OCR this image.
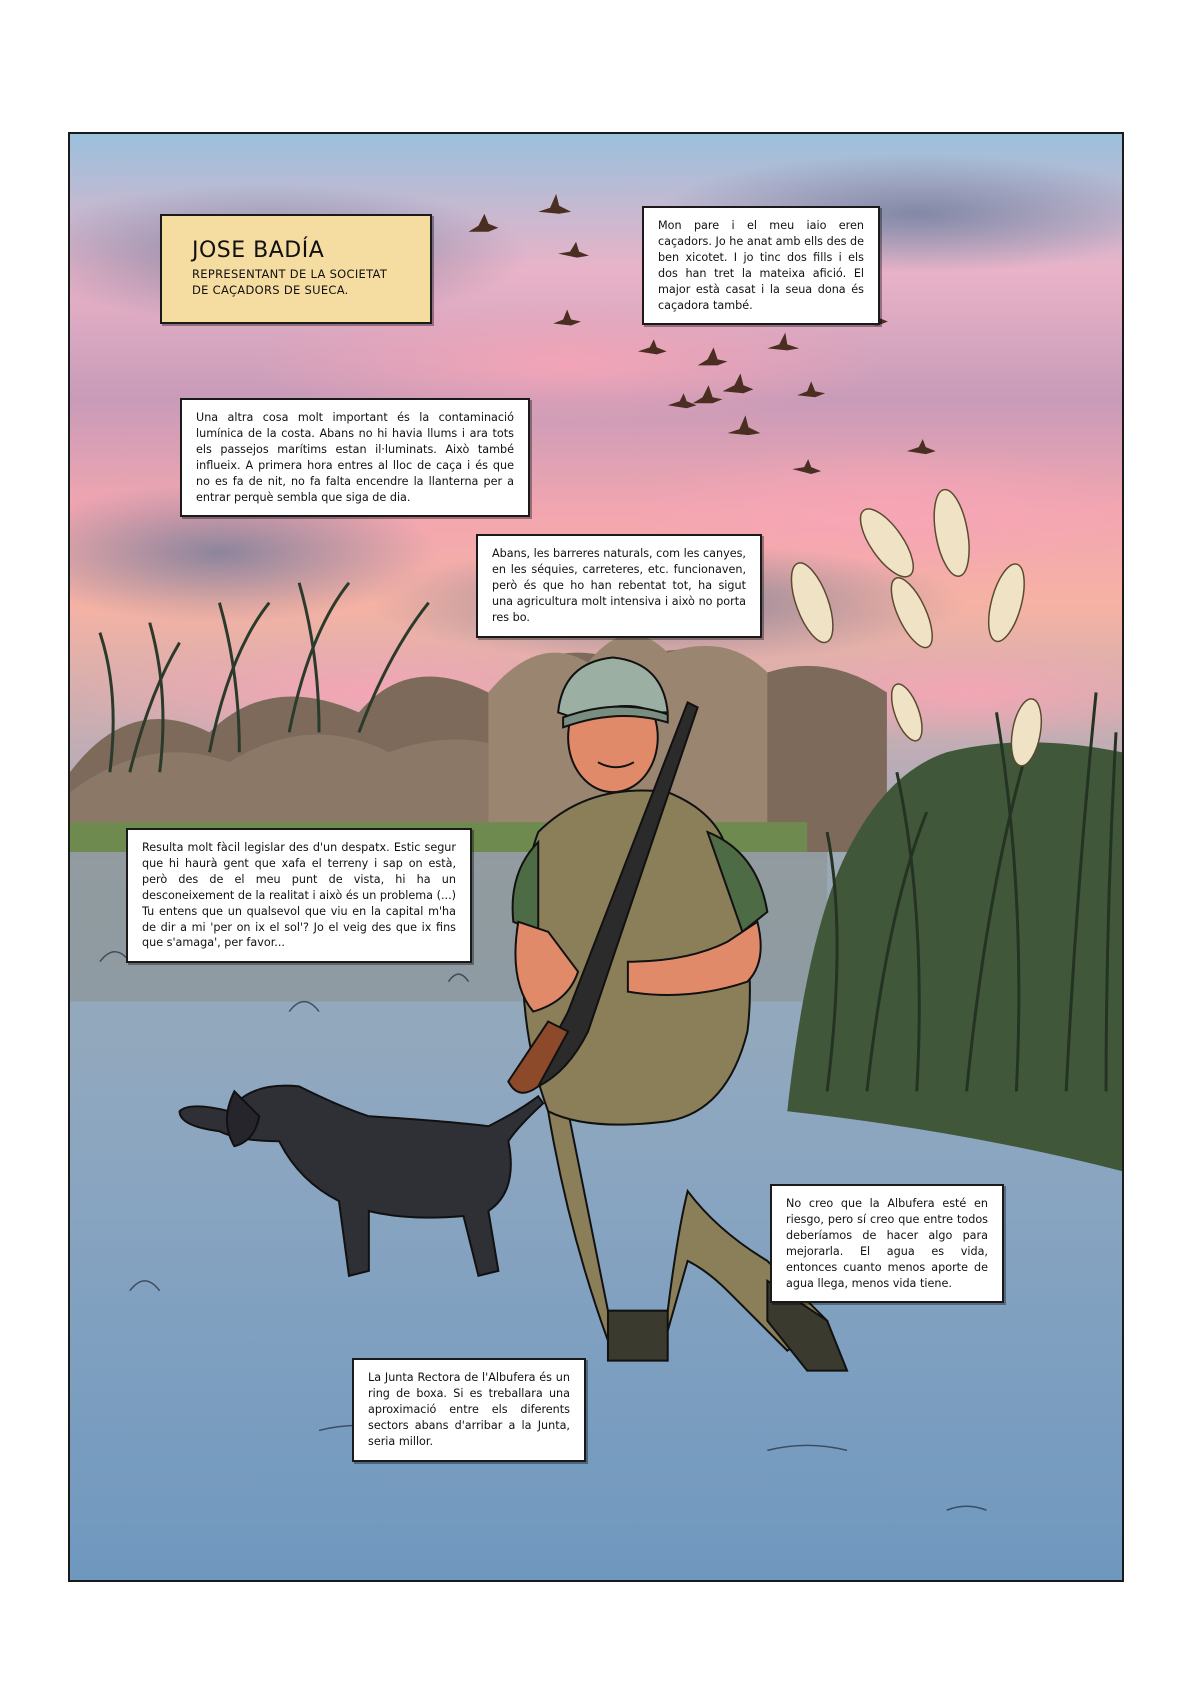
JOSE BADÍA
REPRESENTANT DE LA SOCIETAT
DE CAÇADORS DE SUECA.
Mon pare i el meu iaio eren caçadors. Jo he anat amb ells des de ben xicotet. I jo tinc dos fills i els dos han tret la mateixa afició. El major està casat i la seua dona és caçadora també.
Una altra cosa molt important és la contaminació lumínica de la costa. Abans no hi havia llums i ara tots els passejos marítims estan il·luminats. Això també influeix. A primera hora entres al lloc de caça i és que no es fa de nit, no fa falta encendre la llanterna per a entrar perquè sembla que siga de dia.
Abans, les barreres naturals, com les canyes, en les séquies, carreteres, etc. funcionaven, però és que ho han rebentat tot, ha sigut una agricultura molt intensiva i això no porta res bo.
Resulta molt fàcil legislar des d'un despatx. Estic segur que hi haurà gent que xafa el terreny i sap on està, però des de el meu punt de vista, hi ha un desconeixement de la realitat i això és un problema (...) Tu entens que un qualsevol que viu en la capital m'ha de dir a mi 'per on ix el sol'? Jo el veig des que ix fins que s'amaga', per favor...
No creo que la Albufera esté en riesgo, pero sí creo que entre todos deberíamos de hacer algo para mejorarla. El agua es vida, entonces cuanto menos aporte de agua llega, menos vida tiene.
La Junta Rectora de l'Albufera és un ring de boxa. Si es treballara una aproximació entre els diferents sectors abans d'arribar a la Junta, seria millor.
